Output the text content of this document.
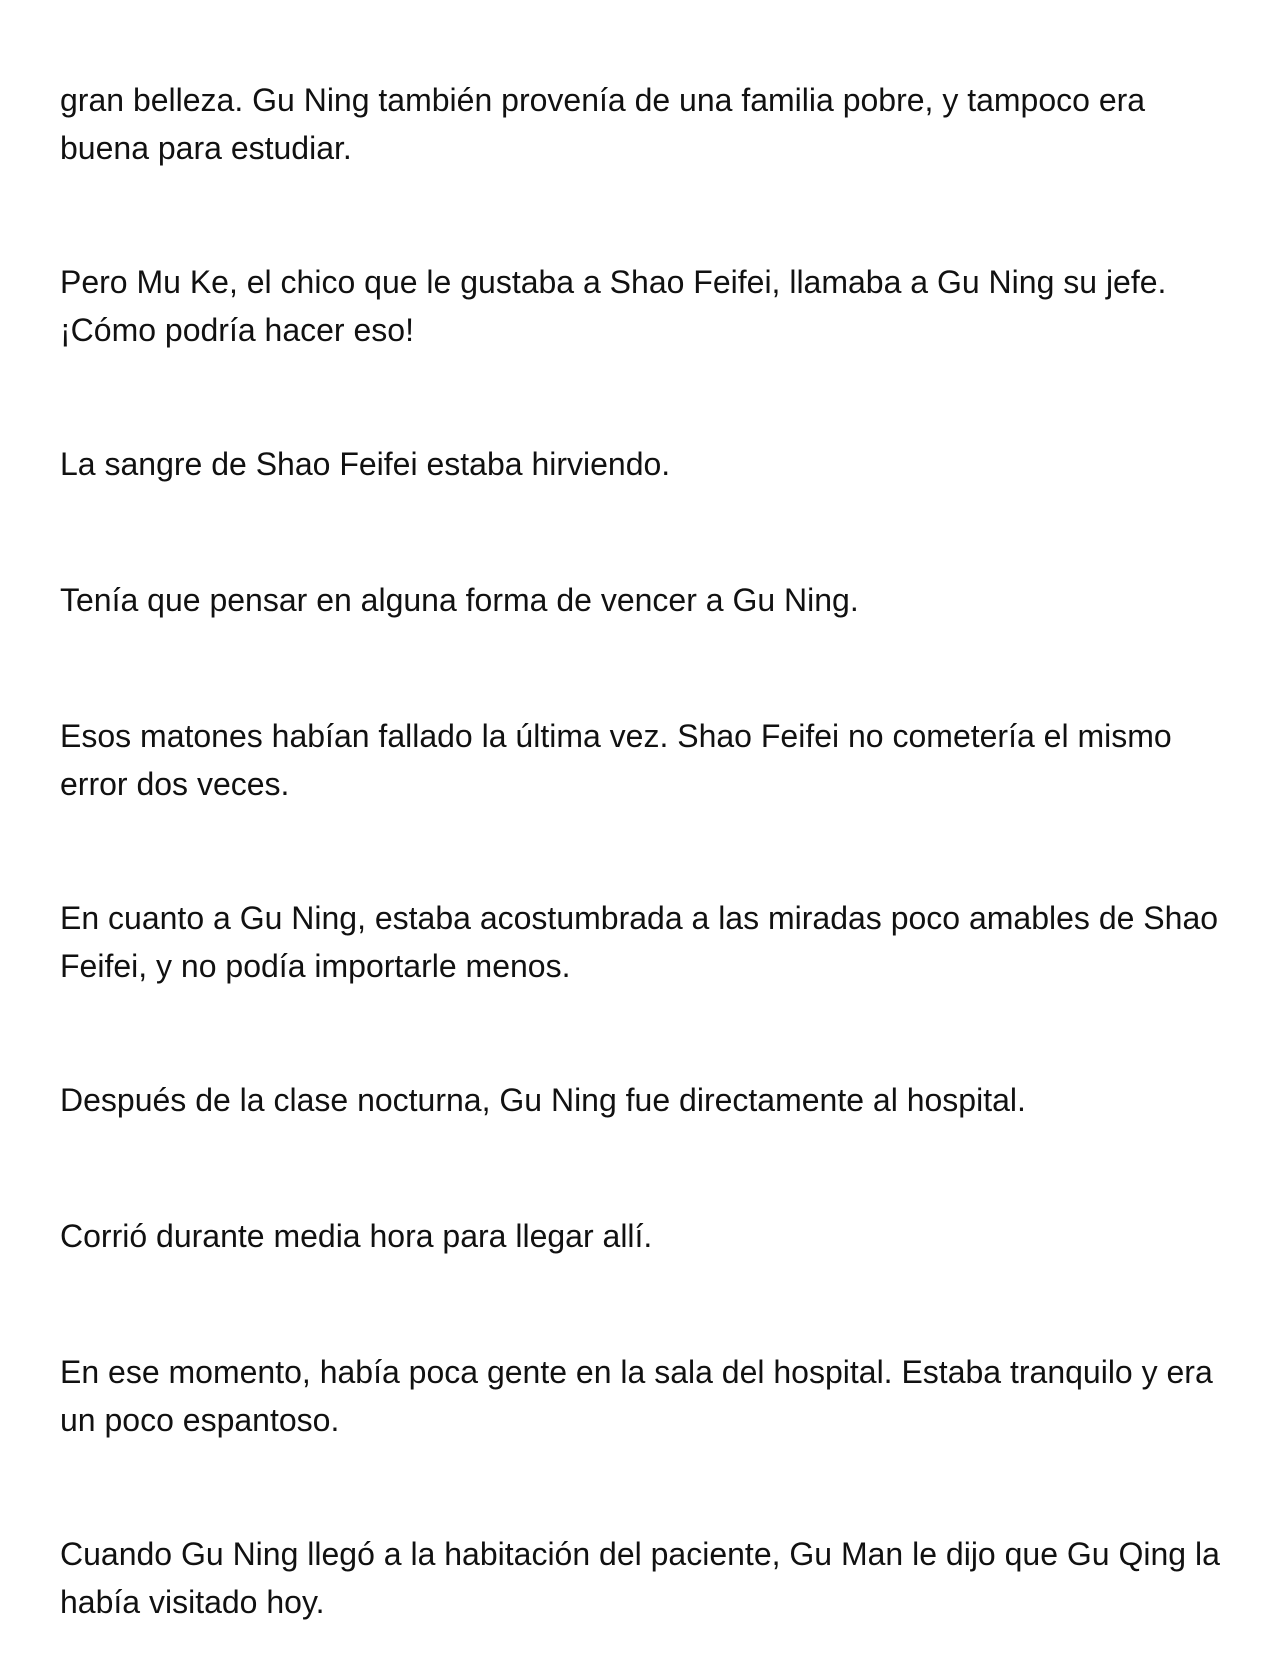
gran belleza. Gu Ning también provenía de una familia pobre, y tampoco era buena para estudiar.

Pero Mu Ke, el chico que le gustaba a Shao Feifei, llamaba a Gu Ning su jefe. ¡Cómo podría hacer eso!

La sangre de Shao Feifei estaba hirviendo.

Tenía que pensar en alguna forma de vencer a Gu Ning.

Esos matones habían fallado la última vez. Shao Feifei no cometería el mismo error dos veces.

En cuanto a Gu Ning, estaba acostumbrada a las miradas poco amables de Shao Feifei, y no podía importarle menos.

Después de la clase nocturna, Gu Ning fue directamente al hospital.

Corrió durante media hora para llegar allí.

En ese momento, había poca gente en la sala del hospital. Estaba tranquilo y era un poco espantoso.

Cuando Gu Ning llegó a la habitación del paciente, Gu Man le dijo que Gu Qing la había visitado hoy.
